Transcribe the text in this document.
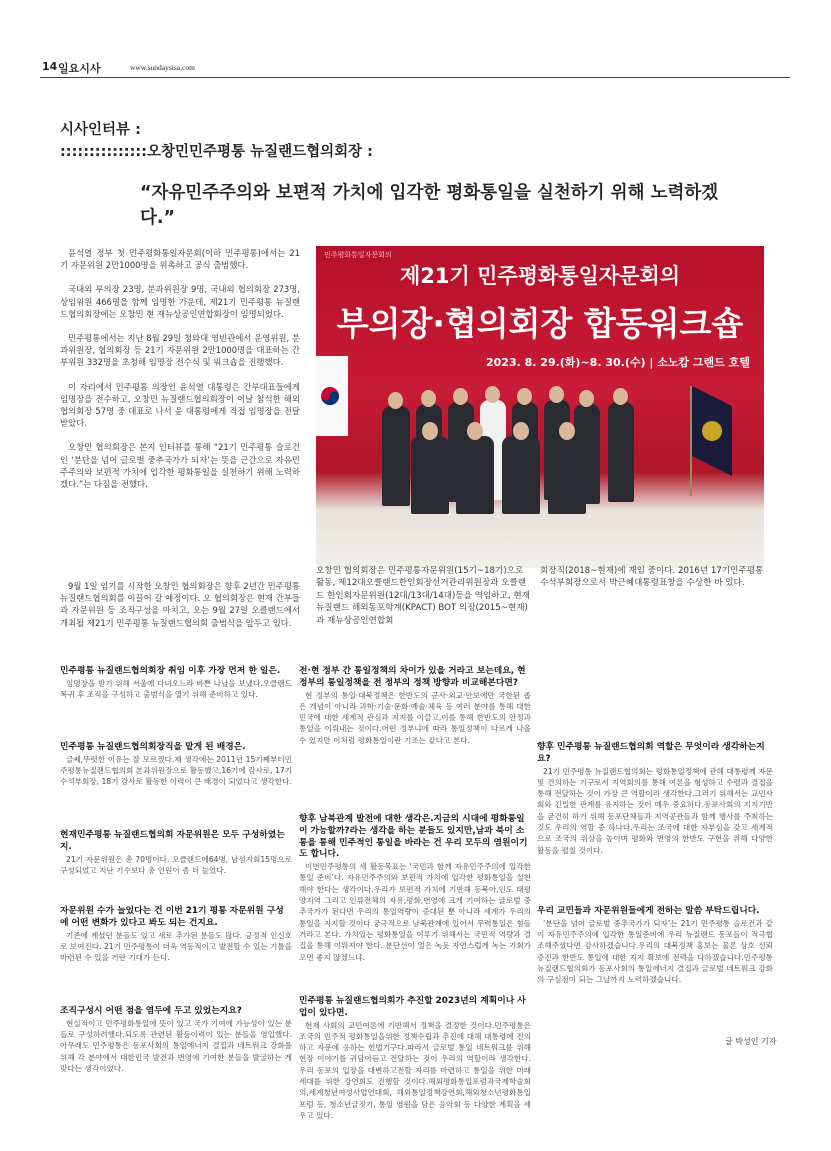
14 일요시사	www.sundaysisa.com
시사인터뷰 :
:::::::::::::::오창민민주평통 뉴질랜드협의회장 :
“자유민주주의와 보편적 가치에 입각한 평화통일을 실천하기 위해 노력하겠다.”

윤석열 정부 첫 민주평화통일자문회(이하 민주평통)에서는 21기 자문위원 2만1000명을 위촉하고 공식 출범했다.

국내외 부의장 23명, 분과위원장 9명, 국내외 협의회장 273명, 상임위원 466명을 함께 임명한 가운데, 제21기 민주평통 뉴질랜드협의회장에는 오창민 현 재뉴상공인연합회장이 임명되었다.

민주평통에서는 지난 8월 29일 청와대 영빈관에서 운영위원, 분과위원장, 협의회장 등 21기 자문위원 2만1000명을 대표하는 간부위원 332명을 초청해 임명장 전수식 및 워크숍을 진행했다.

이 자리에서 민주평통 의장인 윤석열 대통령은 간부대표들에게 임명장을 전수하고, 오창민 뉴질랜드협의회장이 이날 참석한 해외협의회장 57명 중 대표로 나서 윤 대통령에게 직접 임명장을 전달받았다.

오창민 협의회장은 본지 인터뷰를 통해 “21기 민주평통 슬로건인 ‘분단을 넘어 글로벌 중추국가가 되자’는 뜻을 근간으로 자유민주주의와 보편적 가치에 입각한 평화통일을 실천하기 위해 노력하겠다.”는 다짐을 전했다.

민주평화통일자문회의
제21기 민주평화통일자문회의
부의장·협의회장 합동워크숍
2023. 8. 29.(화)~8. 30.(수) | 소노캄 그랜드 호텔
오창민 협의회장은 민주평통자문위원(15기~18기)으로 활동, 제12대오클랜드한인회장선거관리위원장과 오클랜드 한인회자문위원(12대/13대/14대)등을 역임하고, 현재뉴질랜드 해외동포학계(KPACT) BOT 의장(2015~현재)과 재뉴상공인연합회
회장직(2018~현재)에 재임 중이다. 2016년 17기민주평통수석부회장으로서 박근혜대통령표창을 수상한 바 있다.

9월 1일 임기를 시작한 오창민 협의회장은 향후 2년간 민주평통 뉴질랜드협의회를 이끌어 갈 예정이다. 오 협의회장은 현재 간부들과 자문위원 등 조직구성을 마치고, 오는 9월 27일 오클랜드에서 개최될 제21기 민주평통 뉴질랜드협의회 출범식을 앞두고 있다.

민주평통 뉴질랜드협의회장 취임 이후 가장 먼저 한 일은.
임명장을 받기 위해 서울에 다녀오느라 바쁜 나날을 보냈다.오클랜드 복귀 후 조직을 구성하고 출범식을 열기 위해 준비하고 있다.
민주평통 뉴질랜드협의회장직을 맡게 된 배경은.
글쎄,뚜렷한 이유는 잘 모르겠다.제 생각에는 2011년 15기째부터민주평통뉴질랜드협의회 본과위원장으로 활동했고,16기에 감사로, 17기 수석부회장, 18기 감사로 활동한 이력이 큰 배경이 되었다고 생각한다.
현재민주평통 뉴질랜드협의회 자문위원은 모두 구성하였는지.
21기 자문위원은 총 70명이다. 오클랜드에64명, 남섬지회15명으로 구성되었고 지난 기수보다 총 인원이 좀 더 늘었다.
자문위원 수가 늘었다는 건 이번 21기 평통 자문위원 구성에 어떤 변화가 있다고 봐도 되는 건지요.
기존에 계셨던 분들도 있고 새로 추가된 분들도 많다. 긍정적 인신호로 보여진다. 21기 민주평통이 더욱 역동적이고 발전할 수 있는 기틀을 마련된 수 있을 거란 기대가 든다.
조직구성시 어떤 점을 염두에 두고 있었는지요?
현실적이고 민주평화통일에 뜻이 있고 국가 기여에 가능성이 있는 분들로 구성하려했다.되도록 관련된 활동이력이 있는 분들을 영입했다.아무래도 민주평통은 동포사회의 통일에너지 결집과 네트워크 강화를 위해 각 분야에서 대한민국 발전과 번영에 기여한 분들을 발굴하는 게 맞다는 생각이었다.
전·현 정부 간 통일정책의 차이가 있을 거라고 보는데요, 현 정부의 통일정책을 전 정부의 정책 방향과 비교해본다면?
현 정부의 통일·대북정책은 한반도의 군사·외교·안보에만 국한된 좁은 개념이 아니라 과학·기술·문화·예술·체육 등 여러 분야를 통해 대한민국에 대한 세계적 관심과 지지를 이끌고,이를 통해 한반도의 안정과 통일을 이뤄내는 것이다.어떤 정부냐에 따라 통일정책이 다르게 나올 수 있지만 이처럼 평화통일이란 기조는 같다고 본다.
향후 남북관계 발전에 대한 생각은.지금의 시대에 평화통일이 가능할까?라는 생각을 하는 분들도 있지만,남과 북이 소통을 통해 민주적인 통일을 바라는 건 우리 모두의 염원이기도 합니다.
이번민주평통의 새 활동목표는 ‘국민과 함께 자유민주주의에 입각한 통일 준비’다. 자유민주주의와 보편적 가치에 입각한 평화통일을 실천해야 한다는 생각이다.우리가 보편적 가치에 기반해 동북아,인도 태평양지역 그리고 인류전체의 자유,평화,번영에 크게 기여하는 글로벌 중추국가가 된다면 우리의 통일역량이 증대된 뿐 아니라 세계가 우리의 통일을 지지할 것이다.궁극적으로 남북관계에 있어서 무력통일은 힘들 거라고 본다. 가치있는 평화통일을 이루기 위해서는 국민적 역량과 결집을 통해 이뤄져야 한다. 분단선이 얼은 녹듯 자연스럽게 녹는 기회가 오면 좋지 않겠느냐.
민주평통 뉴질랜드협의회가 추진할 2023년의 계획이나 사업이 있다면.
현재 사회의 교민여론에 기반해서 정책을 결정한 것이다.민주평통은 조국의 민주적 평화통일을위한 정책수립과 추진에 대해 대통령에 건의하고 자문에 응하는 헌법기구다.따라서 글로벌 통일 네트워크를 위해 현장 이야기를 귀담아듣고 전달하는 것이 우리의 역할이라 생각한다.우리 동포의 입장을 대변하고전할 자리를 마련하고 통일을 위한 미래세대를 위한 강연회도 진행할 것이다.해외평화통일포럼과국제학술회의,세계청년여성사업연대회, 해외통일정책강연회,해외청소년평화통일포럼 등, 청소년글짓기, 통일 염원을 담은 음악회 등 다양한 계획을 세우고 있다.
향후 민주평통 뉴질랜드협의회 역할은 무엇이라 생각하는지요?
21기 민주평통 뉴질랜드협의회는 평화통일정책에 관해 대통령께 자문 및 건의하는 기구로서 지역회의를 통해 여론을 형성하고 수렴과 결집을 통해 전달하는 것이 가장 큰 역할이라 생각한다.그러기 위해서는 교민사회와 긴밀한 관계를 유지하는 것이 매우 중요하다.동포사회의 지지기반을 굳건히 하기 위해 동포단체들과 지역공관들과 함께 행사를 주최하는 것도 우리의 역할 중 하나다.우리는 조국에 대한 자부심을 갖고 세계적으로 조국의 위상을 높이며 평화와 번영의 한반도 구현을 위해 다양한 활동을 펼칠 것이다.
우리 교민들과 자문위원들에게 전하는 말씀 부탁드립니다.
‘분단을 넘어 글로벌 중추국가가 되자’는 21기 민주평통 슬로건과 같이 자유민주주의에 입각한 통일준비에 우리 뉴질랜드 동포들이 적극협조해주셨다면 감사하겠습니다.우리의 대북정책 홍보는 물론 상호 신뢰증진과 한반도 통일에 대한 지지 확보에 전력을 다하겠습니다.민주평통 뉴질랜드협의회가 동포사회의 통일에너지 결집과 글로벌 네트워크 강화의 구심점이 되는 그날까지 노력하겠습니다.
글 박성인 기자
